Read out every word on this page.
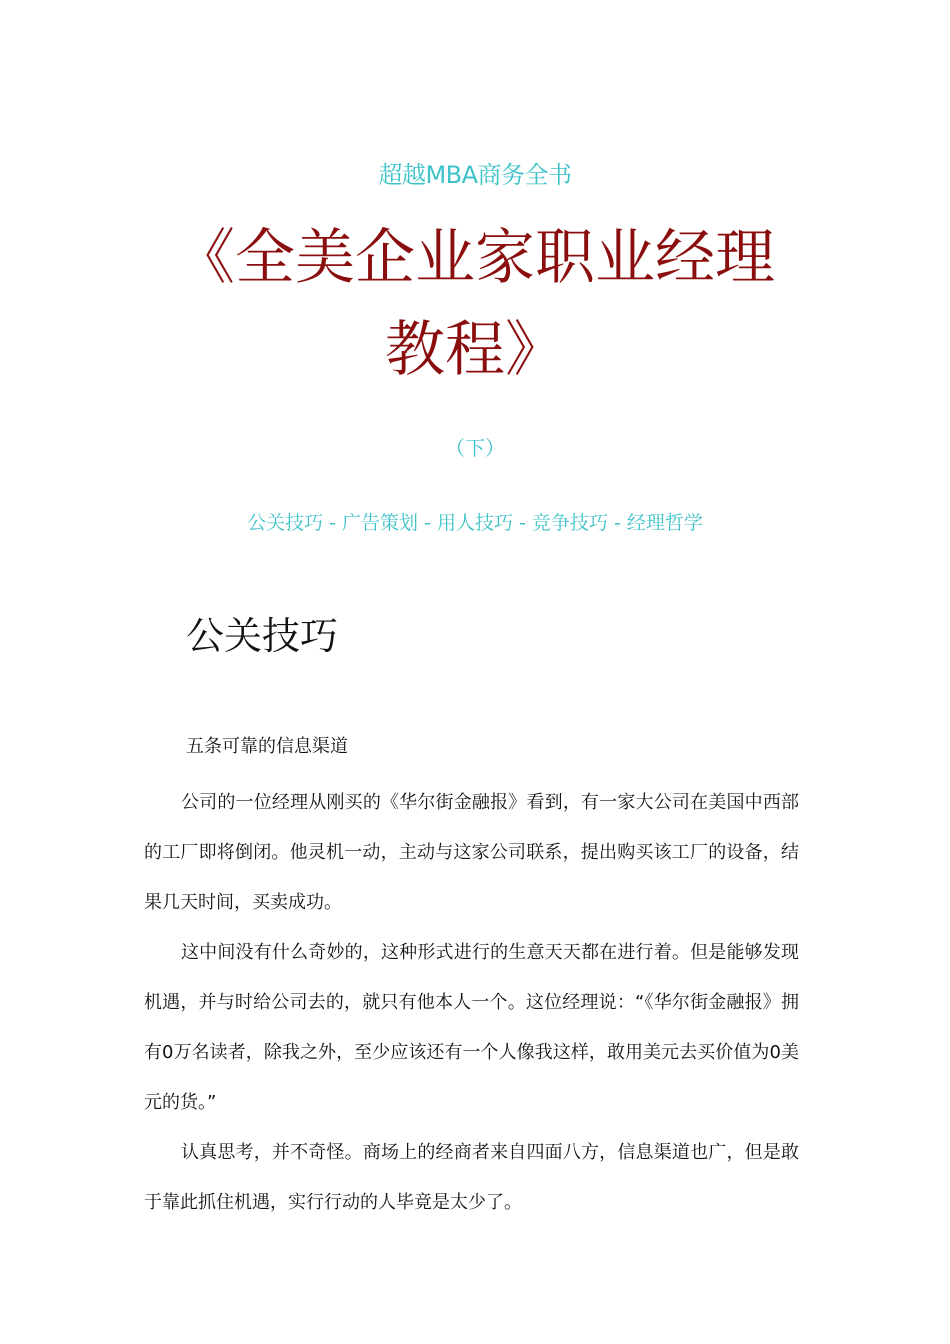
超越MBA商务全书
《全美企业家职业经理教程》
（下）
公关技巧 - 广告策划 - 用人技巧 - 竞争技巧 - 经理哲学
公关技巧
五条可靠的信息渠道

公司的一位经理从刚买的《华尔街金融报》看到，有一家大公司在美国中西部的工厂即将倒闭。他灵机一动，主动与这家公司联系，提出购买该工厂的设备，结果几天时间，买卖成功。

这中间没有什么奇妙的，这种形式进行的生意天天都在进行着。但是能够发现机遇，并与时给公司去的，就只有他本人一个。这位经理说：“《华尔街金融报》拥有0万名读者，除我之外，至少应该还有一个人像我这样，敢用美元去买价值为0美元的货。”

认真思考，并不奇怪。商场上的经商者来自四面八方，信息渠道也广，但是敢于靠此抓住机遇，实行行动的人毕竟是太少了。
